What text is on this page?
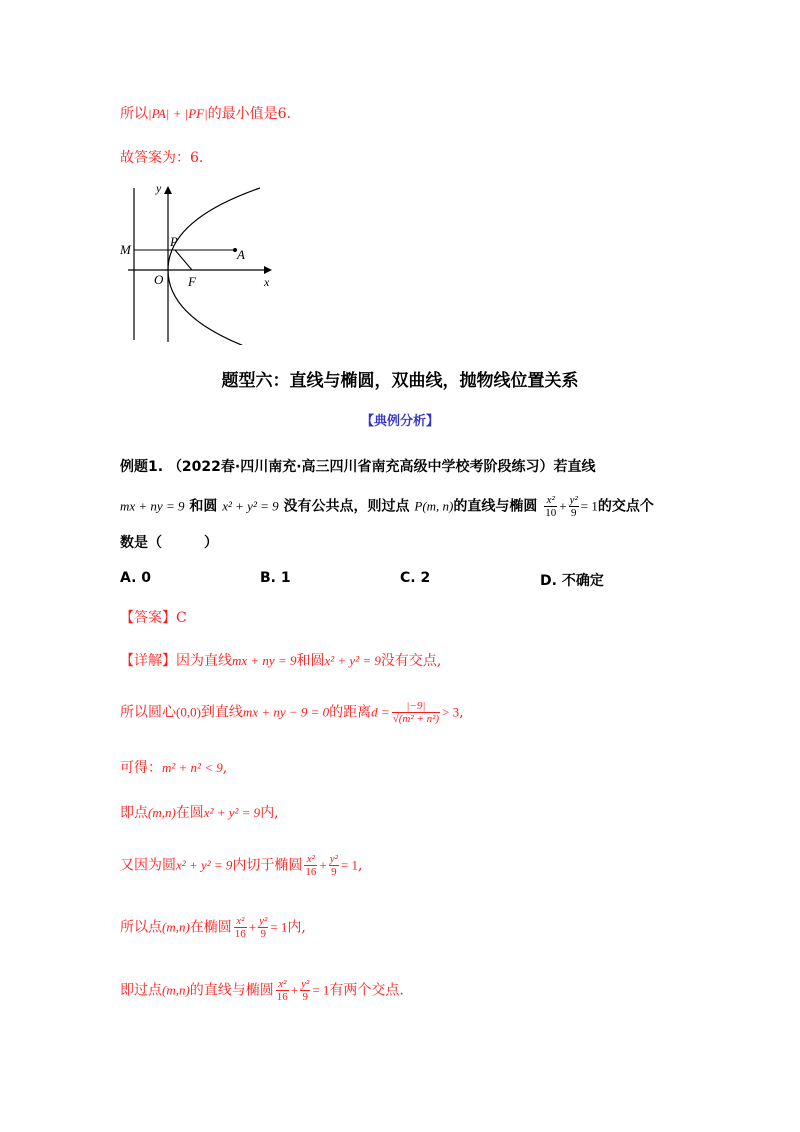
所以|PA| + |PF|的最小值是6.
故答案为：6.
y
x
M
P
A
O F
题型六：直线与椭圆，双曲线，抛物线位置关系
【典例分析】
例题1. （2022春·四川南充·高三四川省南充高级中学校考阶段练习）若直线
mx + ny = 9 和圆 x² + y² = 9 没有公共点，则过点 P(m, n)的直线与椭圆 $\frac{\text{x²}}{10} + \frac{\text{y²}}{9} = 1$的交点个
数是（　　　）
A. 0	B. 1	C. 2	D. 不确定
【答案】C
【详解】因为直线mx + ny = 9和圆x² + y² = 9没有交点,
所以圆心(0,0)到直线mx + ny − 9 = 0的距离$d = \frac{|-9|}{\text{√(m² + n²)}} > 3$,
可得：m² + n² < 9,
即点(m,n)在圆x² + y² = 9内,
又因为圆x² + y² = 9内切于椭圆 $\frac{\text{x²}}{16} + \frac{\text{y²}}{9} = 1$,
所以点(m,n)在椭圆 $\frac{\text{x²}}{16} + \frac{\text{y²}}{9} = 1$内,
即过点(m,n)的直线与椭圆 $\frac{\text{x²}}{16} + \frac{\text{y²}}{9} = 1$有两个交点.
